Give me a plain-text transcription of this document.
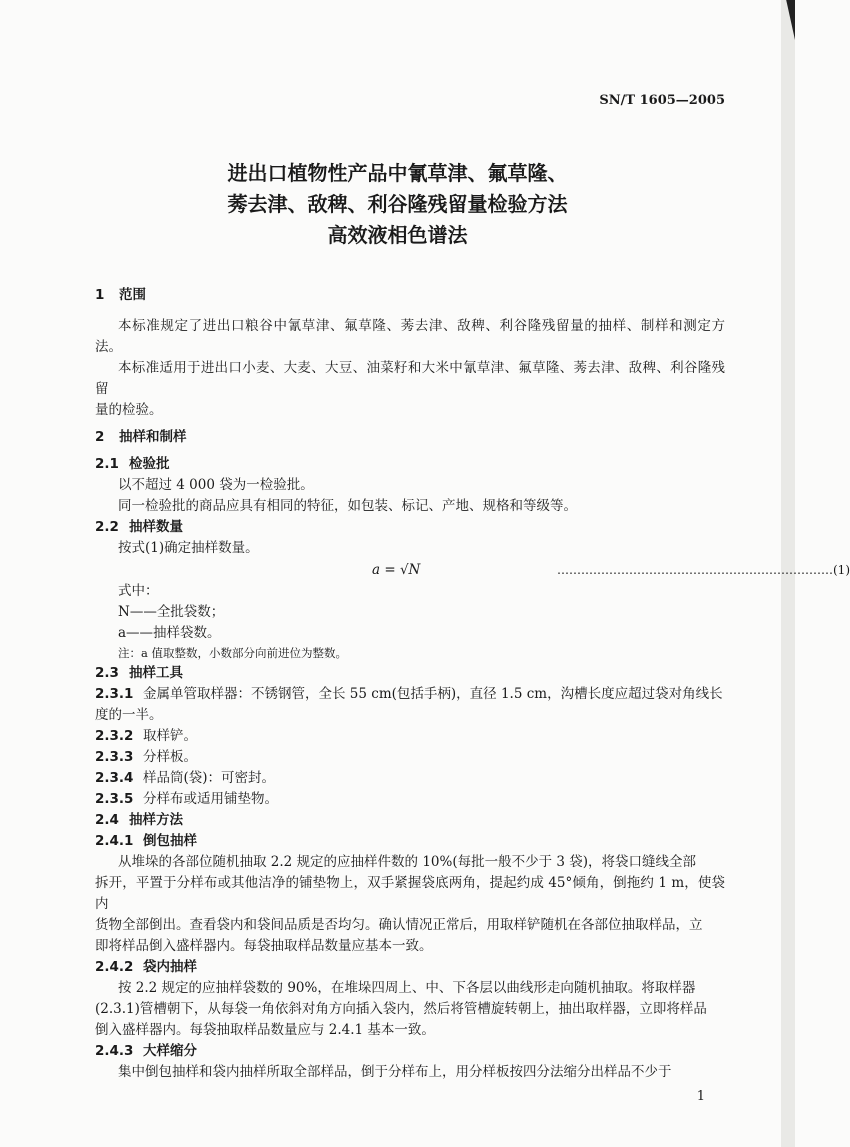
SN/T 1605—2005
进出口植物性产品中氰草津、氟草隆、
莠去津、敌稗、利谷隆残留量检验方法
高效液相色谱法
1 范围
本标准规定了进出口粮谷中氰草津、氟草隆、莠去津、敌稗、利谷隆残留量的抽样、制样和测定方法。
本标准适用于进出口小麦、大麦、大豆、油菜籽和大米中氰草津、氟草隆、莠去津、敌稗、利谷隆残留
量的检验。
2 抽样和制样
2.1 检验批
以不超过 4 000 袋为一检验批。
同一检验批的商品应具有相同的特征，如包装、标记、产地、规格和等级等。
2.2 抽样数量
按式(1)确定抽样数量。
a = √N	……………………………………………………………(1)
式中：
N——全批袋数；
a——抽样袋数。
注：a 值取整数，小数部分向前进位为整数。
2.3 抽样工具
2.3.1 金属单管取样器：不锈钢管，全长 55 cm(包括手柄)，直径 1.5 cm，沟槽长度应超过袋对角线长
度的一半。
2.3.2 取样铲。
2.3.3 分样板。
2.3.4 样品筒(袋)：可密封。
2.3.5 分样布或适用铺垫物。
2.4 抽样方法
2.4.1 倒包抽样
从堆垛的各部位随机抽取 2.2 规定的应抽样件数的 10%(每批一般不少于 3 袋)，将袋口缝线全部
拆开，平置于分样布或其他洁净的铺垫物上，双手紧握袋底两角，提起约成 45°倾角，倒拖约 1 m，使袋内
货物全部倒出。查看袋内和袋间品质是否均匀。确认情况正常后，用取样铲随机在各部位抽取样品，立
即将样品倒入盛样器内。每袋抽取样品数量应基本一致。
2.4.2 袋内抽样
按 2.2 规定的应抽样袋数的 90%，在堆垛四周上、中、下各层以曲线形走向随机抽取。将取样器
(2.3.1)管槽朝下，从每袋一角依斜对角方向插入袋内，然后将管槽旋转朝上，抽出取样器，立即将样品
倒入盛样器内。每袋抽取样品数量应与 2.4.1 基本一致。
2.4.3 大样缩分
集中倒包抽样和袋内抽样所取全部样品，倒于分样布上，用分样板按四分法缩分出样品不少于
1
